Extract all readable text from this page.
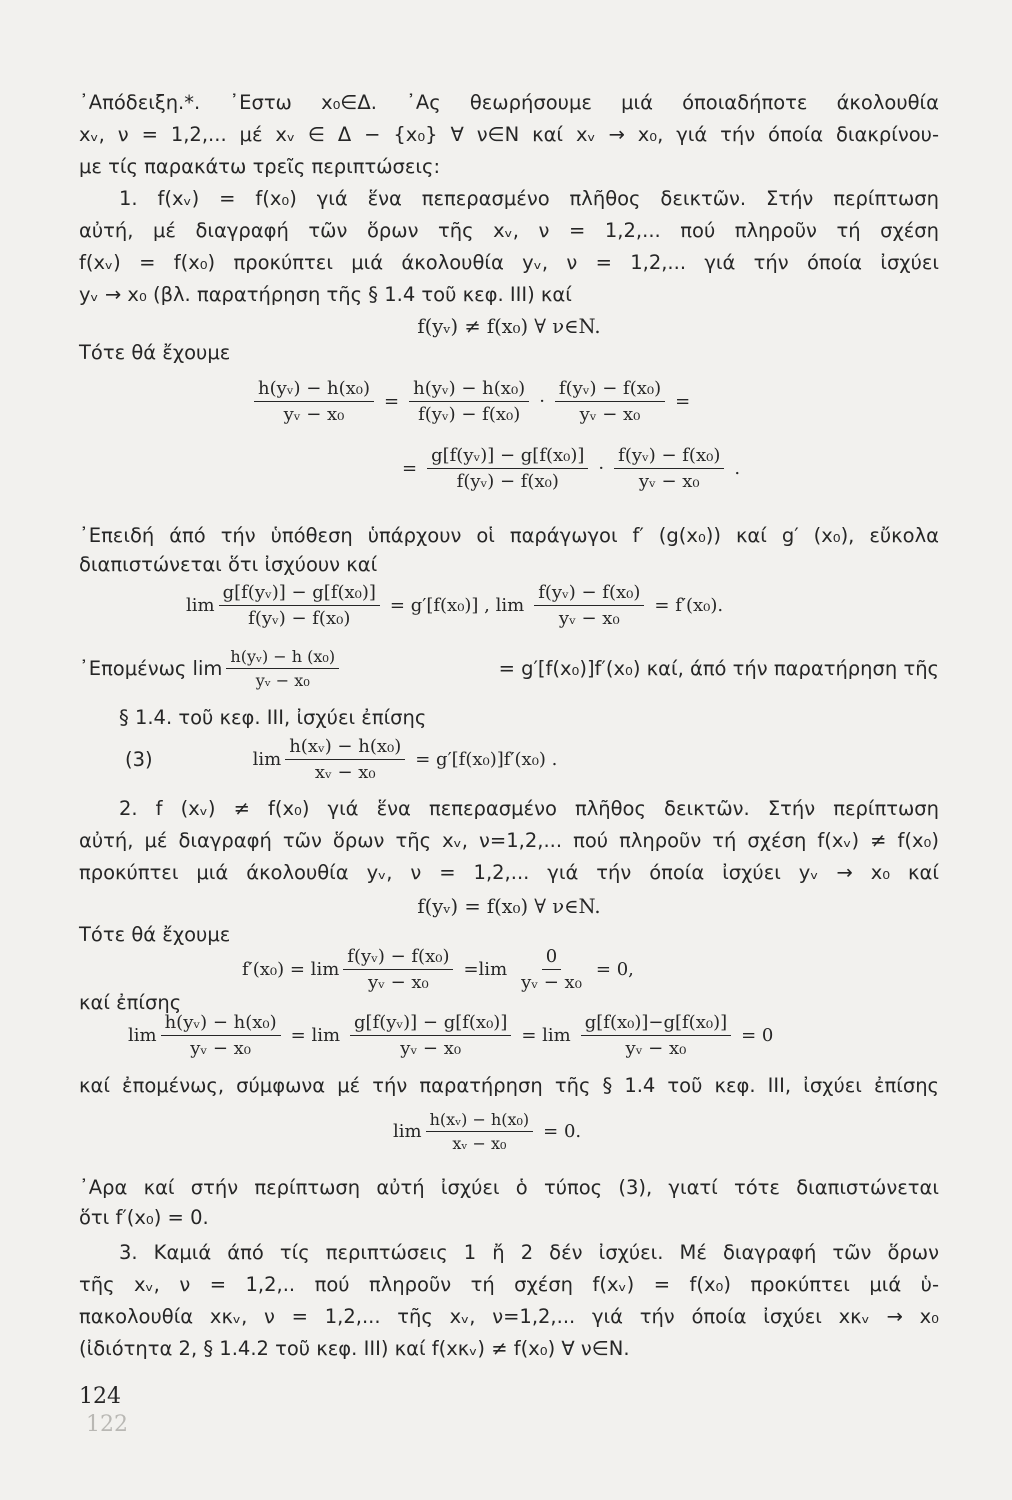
᾽Απόδειξη.*. ᾿Εστω x₀∈Δ. ᾿Ας θεωρήσουμε μιά όποιαδήποτε άκολουθία
xᵥ, ν = 1,2,... μέ xᵥ ∈ Δ − {x₀} ∀ ν∈N καί xᵥ → x₀, γιά τήν όποία διακρίνου-
με τίς παρακάτω τρεῖς περιπτώσεις:
1. f(xᵥ) = f(x₀) γιά ἕνα πεπερασμένο πλῆθος δεικτῶν. Στήν περίπτωση
αὐτή, μέ διαγραφή τῶν ὅρων τῆς xᵥ, ν = 1,2,... πού πληροῦν τή σχέση
f(xᵥ) = f(x₀) προκύπτει μιά άκολουθία yᵥ, ν = 1,2,... γιά τήν όποία ἰσχύει
yᵥ → x₀ (βλ. παρατήρηση τῆς § 1.4 τοῦ κεφ. III) καί
f(yᵥ) ≠ f(x₀) ∀ ν∈N.
Τότε θά ἔχουμε
$\frac{\text{h(yᵥ) − h(x₀)}}{\text{yᵥ − x₀}} = \frac{\text{h(yᵥ) − h(x₀)}}{\text{f(yᵥ) − f(x₀)}} \cdot \frac{\text{f(yᵥ) − f(x₀)}}{\text{yᵥ − x₀}}$ =
= $\frac{\text{g[f(yᵥ)] − g[f(x₀)]}}{\text{f(yᵥ) − f(x₀)}}$ ·
f(yᵥ) − f(x₀)
yᵥ − x₀
.
᾿Επειδή άπό τήν ὑπόθεση ὑπάρχουν οἱ παράγωγοι f′ (g(x₀)) καί g′ (x₀), εὔκολα
διαπιστώνεται ὅτι ἰσχύουν καί
$\lim \frac{\text{g[f(yᵥ)] − g[f(x₀)]}}{\text{f(yᵥ) − f(x₀)}} = g'[f(x_0)]$ , $\lim \frac{\text{f(yᵥ) − f(x₀)}}{\text{yᵥ − x₀}} = f'(x_0)$.
᾿Επομένως lim
h(yᵥ) − h (x₀)
yᵥ − x₀
= g′[f(x₀)]f′(x₀) καί, άπό τήν παρατήρηση τῆς
§ 1.4. τοῦ κεφ. III, ἰσχύει ἐπίσης
(3)	$\lim \frac{\text{h(xᵥ) − h(x₀)}}{\text{xᵥ − x₀}} = g'[f(x_0)]f'(x_0)$ .
2. f (xᵥ) ≠ f(x₀) γιά ἕνα πεπερασμένο πλῆθος δεικτῶν. Στήν περίπτωση
αὐτή, μέ διαγραφή τῶν ὅρων τῆς xᵥ, ν=1,2,... πού πληροῦν τή σχέση f(xᵥ) ≠ f(x₀)
προκύπτει μιά άκολουθία yᵥ, ν = 1,2,... γιά τήν όποία ἰσχύει yᵥ → x₀ καί
f(yᵥ) = f(x₀) ∀ ν∈N.
Τότε θά ἔχουμε
$f'(x_0) = \lim \frac{\text{f(yᵥ) − f(x₀)}}{\text{yᵥ − x₀}} =\lim \frac{0}{\text{yᵥ − x₀}} = 0$,
καί ἐπίσης
$\lim \frac{\text{h(yᵥ) − h(x₀)}}{\text{yᵥ − x₀}} = \lim \frac{\text{g[f(yᵥ)] − g[f(x₀)]}}{\text{yᵥ − x₀}} = \lim \frac{\text{g[f(x₀)]−g[f(x₀)]}}{\text{yᵥ − x₀}} = 0$
καί ἐπομένως, σύμφωνα μέ τήν παρατήρηση τῆς § 1.4 τοῦ κεφ. III, ἰσχύει ἐπίσης
$\lim \frac{\text{h(xᵥ) − h(x₀)}}{\text{xᵥ − x₀}} = 0$.
᾿Αρα καί στήν περίπτωση αὐτή ἰσχύει ὁ τύπος (3), γιατί τότε διαπιστώνεται
ὅτι f′(x₀) = 0.
3. Καμιά άπό τίς περιπτώσεις 1 ἤ 2 δέν ἰσχύει. Μέ διαγραφή τῶν ὅρων
τῆς xᵥ, ν = 1,2,.. πού πληροῦν τή σχέση f(xᵥ) = f(x₀) προκύπτει μιά ὑ-
πακολουθία xκᵥ, ν = 1,2,... τῆς xᵥ, ν=1,2,... γιά τήν όποία ἰσχύει xκᵥ → x₀
(ἰδιότητα 2, § 1.4.2 τοῦ κεφ. III) καί f(xκᵥ) ≠ f(x₀) ∀ ν∈N.
124
122
